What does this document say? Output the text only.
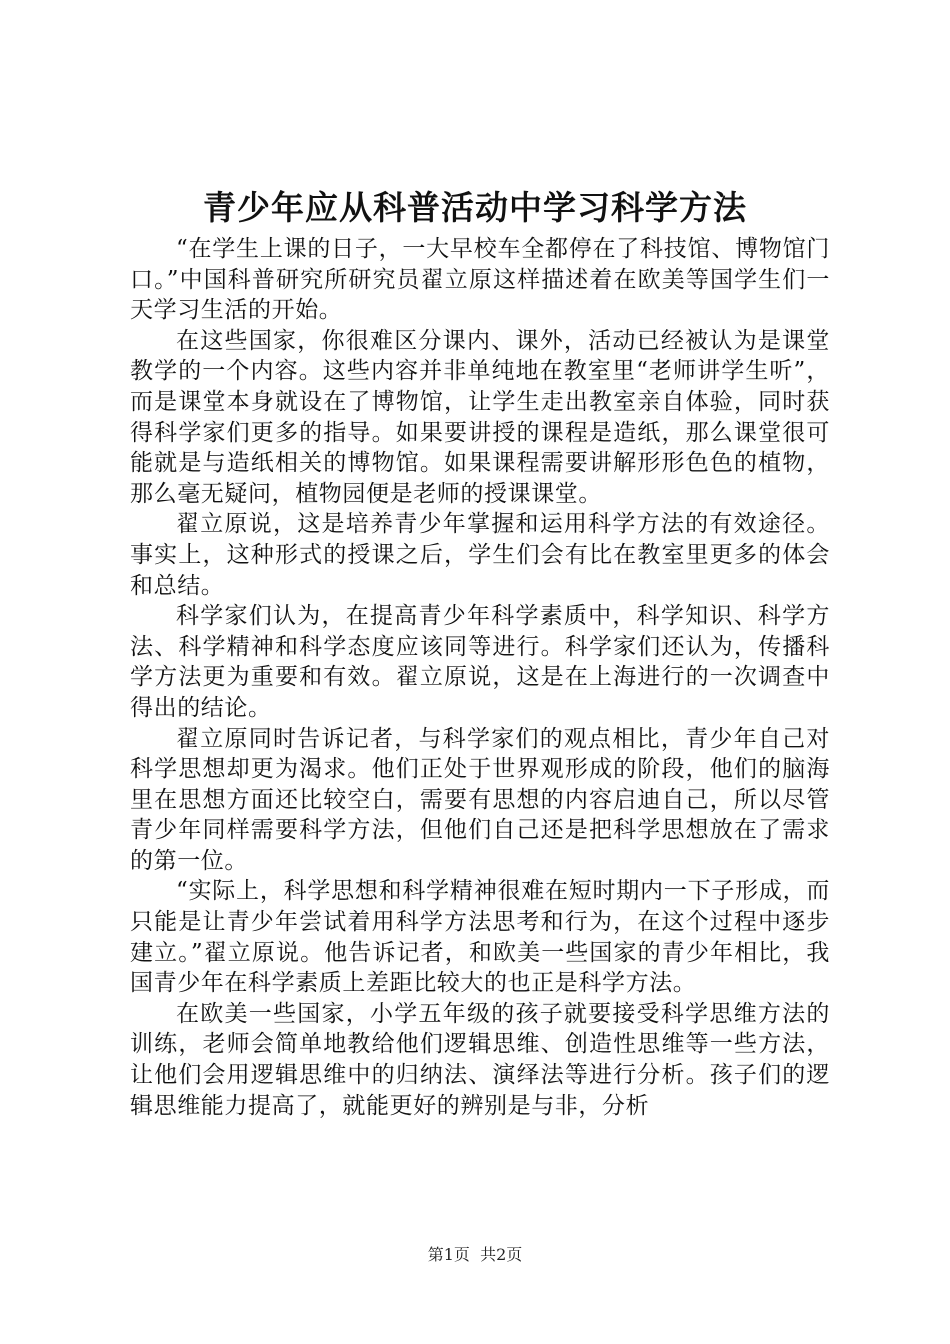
青少年应从科普活动中学习科学方法

“在学生上课的日子，一大早校车全都停在了科技馆、博物馆门口。”中国科普研究所研究员翟立原这样描述着在欧美等国学生们一天学习生活的开始。

在这些国家，你很难区分课内、课外，活动已经被认为是课堂教学的一个内容。这些内容并非单纯地在教室里“老师讲学生听”，而是课堂本身就设在了博物馆，让学生走出教室亲自体验，同时获得科学家们更多的指导。如果要讲授的课程是造纸，那么课堂很可能就是与造纸相关的博物馆。如果课程需要讲解形形色色的植物，那么毫无疑问，植物园便是老师的授课课堂。

翟立原说，这是培养青少年掌握和运用科学方法的有效途径。事实上，这种形式的授课之后，学生们会有比在教室里更多的体会和总结。

科学家们认为，在提高青少年科学素质中，科学知识、科学方法、科学精神和科学态度应该同等进行。科学家们还认为，传播科学方法更为重要和有效。翟立原说，这是在上海进行的一次调查中得出的结论。

翟立原同时告诉记者，与科学家们的观点相比，青少年自己对科学思想却更为渴求。他们正处于世界观形成的阶段，他们的脑海里在思想方面还比较空白，需要有思想的内容启迪自己，所以尽管青少年同样需要科学方法，但他们自己还是把科学思想放在了需求的第一位。

“实际上，科学思想和科学精神很难在短时期内一下子形成，而只能是让青少年尝试着用科学方法思考和行为，在这个过程中逐步建立。”翟立原说。他告诉记者，和欧美一些国家的青少年相比，我国青少年在科学素质上差距比较大的也正是科学方法。

在欧美一些国家，小学五年级的孩子就要接受科学思维方法的训练，老师会简单地教给他们逻辑思维、创造性思维等一些方法，让他们会用逻辑思维中的归纳法、演绎法等进行分析。孩子们的逻辑思维能力提高了，就能更好的辨别是与非，分析

第1页  共2页
